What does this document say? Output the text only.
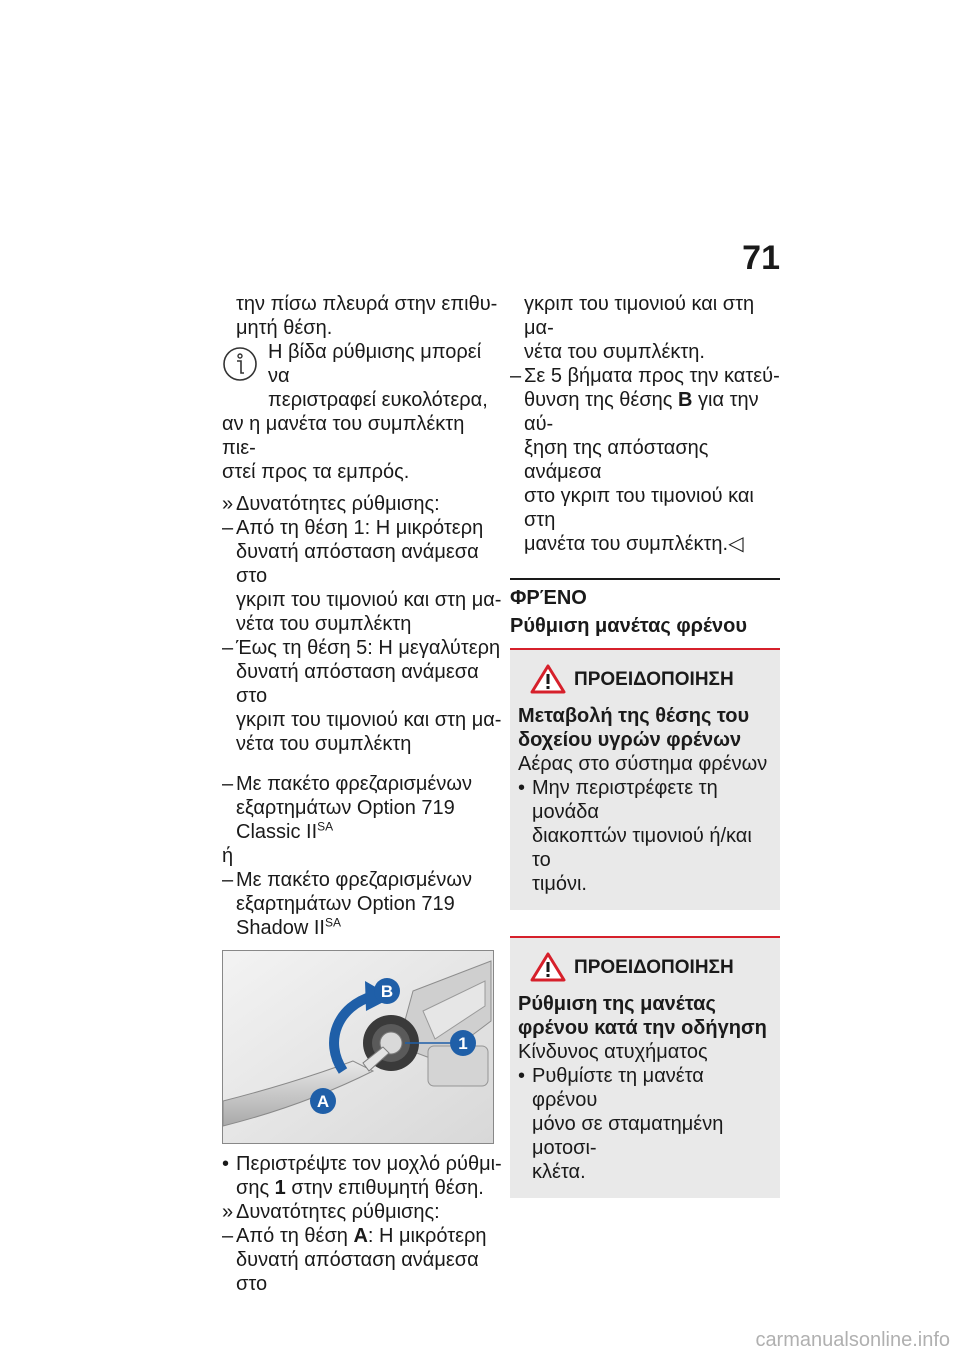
71

την πίσω πλευρά στην επιθυ-

μητή θέση.

Η βίδα ρύθμισης μπορεί να

περιστραφεί ευκολότερα,

αν η μανέτα του συμπλέκτη πιε-

στεί προς τα εμπρός.

» Δυνατότητες ρύθμισης:

– Από τη θέση 1: Η μικρότερη

δυνατή απόσταση ανάμεσα στο

γκριπ του τιμονιού και στη μα-

νέτα του συμπλέκτη

– Έως τη θέση 5: Η μεγαλύτερη

δυνατή απόσταση ανάμεσα στο

γκριπ του τιμονιού και στη μα-

νέτα του συμπλέκτη

– Με πακέτο φρεζαρισμένων

εξαρτημάτων Option 719

Classic $II^{SA}$

ή

– Με πακέτο φρεζαρισμένων

εξαρτημάτων Option 719

Shadow $II^{SA}$

B
1
A
• Περιστρέψτε τον μοχλό ρύθμι-

σης 1 στην επιθυμητή θέση.

» Δυνατότητες ρύθμισης:

– Από τη θέση A: Η μικρότερη

δυνατή απόσταση ανάμεσα στο

γκριπ του τιμονιού και στη μα-

νέτα του συμπλέκτη.

– Σε 5 βήματα προς την κατεύ-

θυνση της θέσης B για την αύ-

ξηση της απόστασης ανάμεσα

στο γκριπ του τιμονιού και στη

μανέτα του συμπλέκτη.◁

ΦΡΈΝΟ

Ρύθμιση μανέτας φρένου

ΠΡΟΕΙΔΟΠΟΙΗΣΗ

Μεταβολή της θέσης του

δοχείου υγρών φρένων

Αέρας στο σύστημα φρένων

• Μην περιστρέφετε τη μονάδα

διακοπτών τιμονιού ή/και το

τιμόνι.

ΠΡΟΕΙΔΟΠΟΙΗΣΗ

Ρύθμιση της μανέτας

φρένου κατά την οδήγηση

Κίνδυνος ατυχήματος

• Ρυθμίστε τη μανέτα φρένου

μόνο σε σταματημένη μοτοσι-

κλέτα.

carmanualsonline.info
